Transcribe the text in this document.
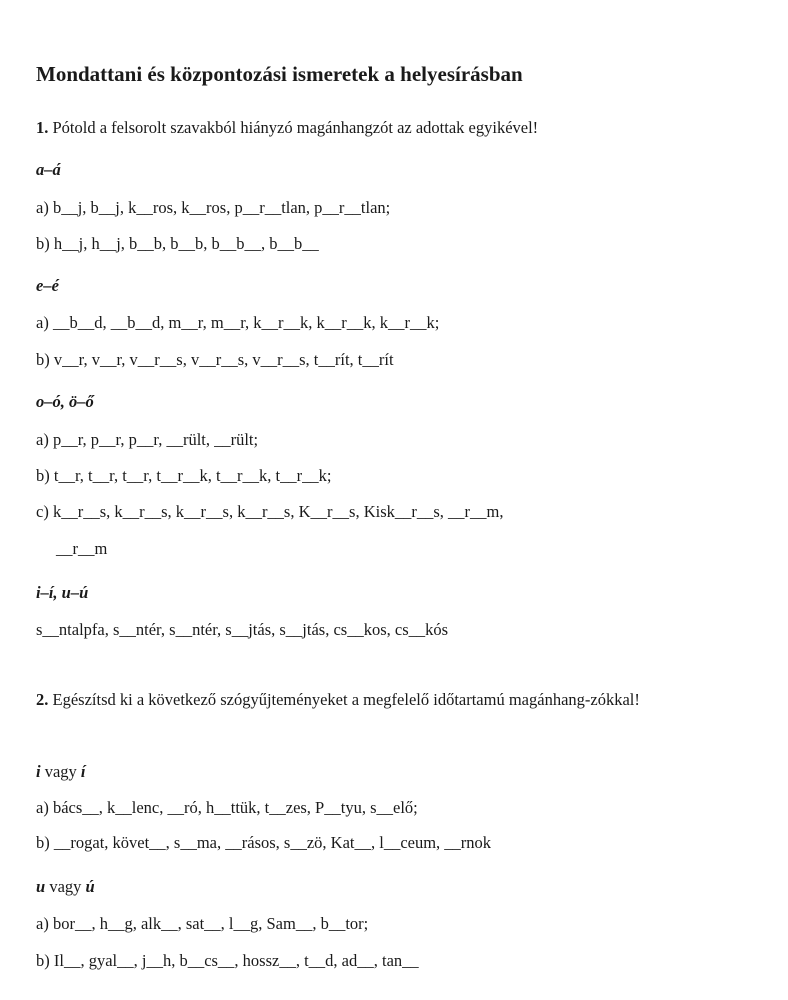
Mondattani és központozási ismeretek a helyesírásban
1. Pótold a felsorolt szavakból hiányzó magánhangzót az adottak egyikével!
a–á
a) b__j, b__j, k__ros, k__ros, p__r__tlan, p__r__tlan;
b) h__j, h__j, b__b, b__b, b__b__, b__b__
e–é
a) __b__d, __b__d, m__r, m__r, k__r__k, k__r__k, k__r__k;
b) v__r, v__r, v__r__s, v__r__s, v__r__s, t__rít, t__rít
o–ó, ö–ő
a) p__r, p__r, p__r, __rült, __rült;
b) t__r, t__r, t__r, t__r__k, t__r__k, t__r__k;
c) k__r__s, k__r__s, k__r__s, k__r__s, K__r__s, Kisk__r__s, __r__m,
__r__m
i–í, u–ú
s__ntalpfa, s__ntér, s__ntér, s__jtás, s__jtás, cs__kos, cs__kós
2. Egészítsd ki a következő szógyűjteményeket a megfelelő időtartamú magánhang-zókkal!
i vagy í
a) bács__, k__lenc, __ró, h__ttük, t__zes, P__tyu, s__elő;
b) __rogat, követ__, s__ma, __rásos, s__zö, Kat__, l__ceum, __rnok
u vagy ú
a) bor__, h__g, alk__, sat__, l__g, Sam__, b__tor;
b) Il__, gyal__, j__h, b__cs__, hossz__, t__d, ad__, tan__
